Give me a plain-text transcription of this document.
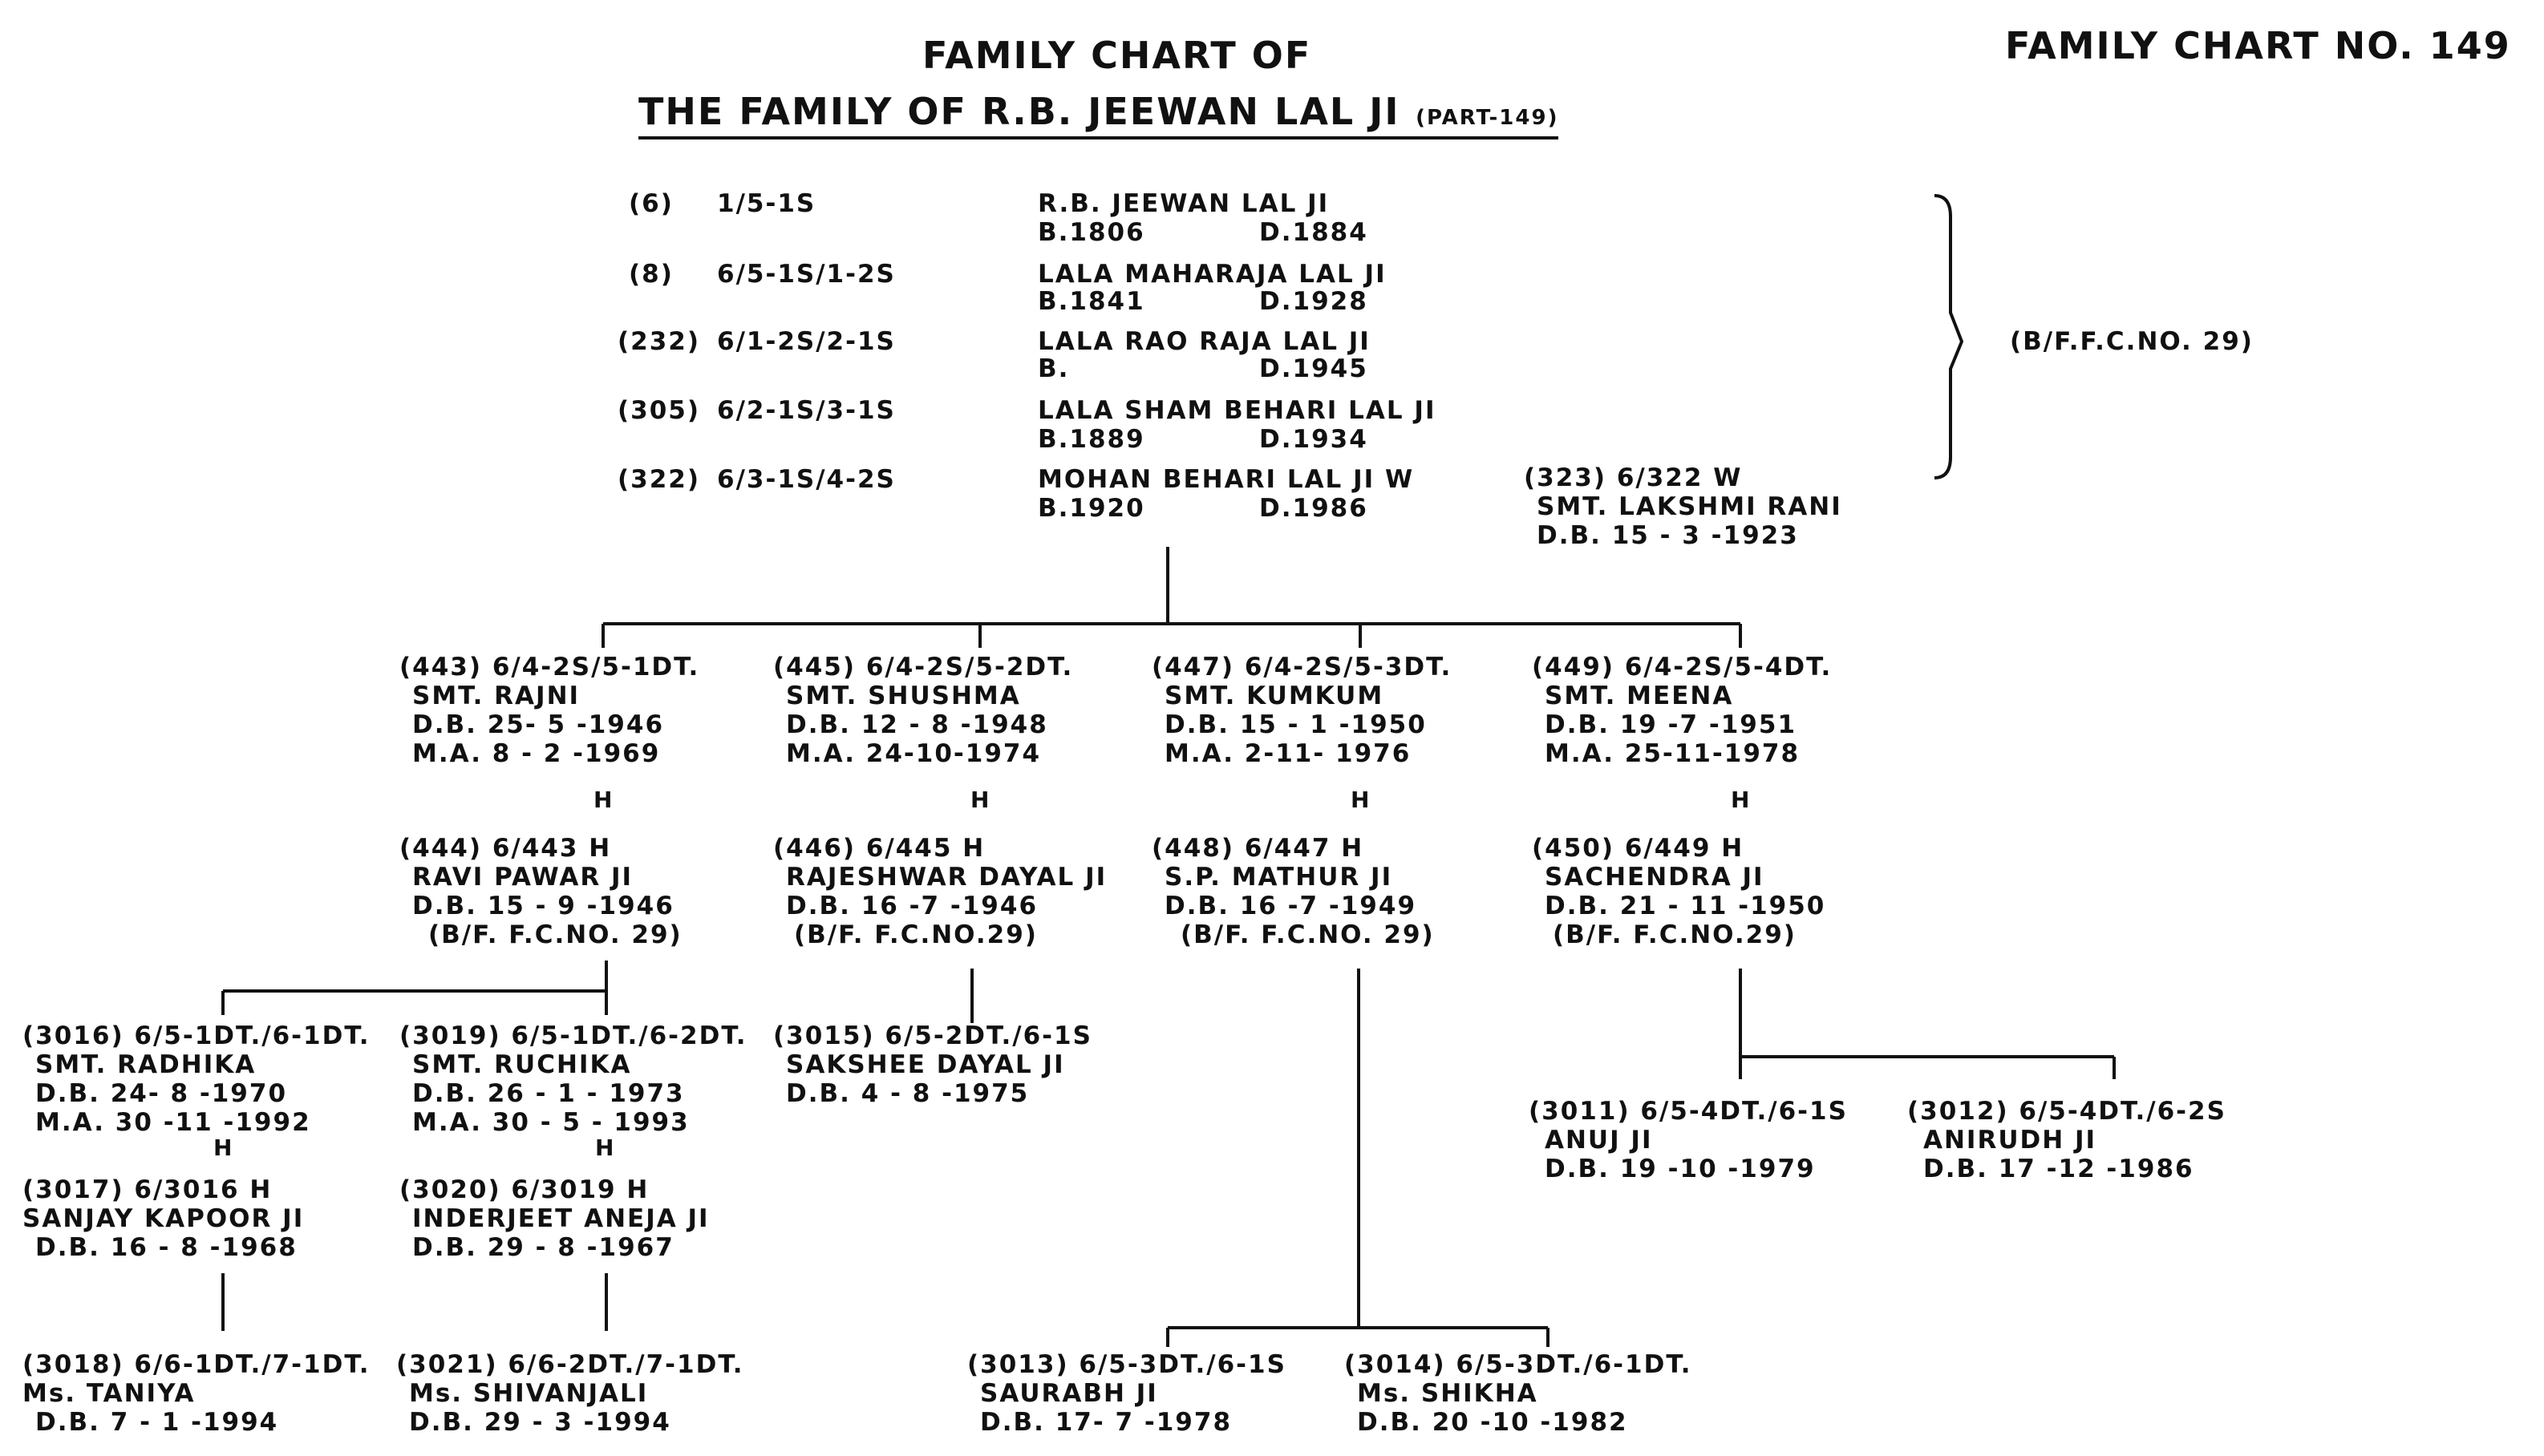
FAMILY CHART OF
THE FAMILY OF R.B. JEEWAN LAL JI (PART-149)
FAMILY CHART NO. 149
(6) 1/5-1S	R.B. JEEWAN LAL JI
B.1806	D.1884
(8) 6/5-1S/1-2S	LALA MAHARAJA LAL JI
B.1841	D.1928
(232) 6/1-2S/2-1S	LALA RAO RAJA LAL JI
B.	D.1945
(305) 6/2-1S/3-1S	LALA SHAM BEHARI LAL JI
B.1889	D.1934
(322) 6/3-1S/4-2S	MOHAN BEHARI LAL JI W
B.1920	D.1986
(B/F.F.C.NO. 29)
(323) 6/322 W
SMT. LAKSHMI RANI
D.B. 15 - 3 -1923
(443) 6/4-2S/5-1DT.
SMT. RAJNI
D.B. 25- 5 -1946
M.A. 8 - 2 -1969
(445) 6/4-2S/5-2DT.
SMT. SHUSHMA
D.B. 12 - 8 -1948
M.A. 24-10-1974
(447) 6/4-2S/5-3DT.
SMT. KUMKUM
D.B. 15 - 1 -1950
M.A. 2-11- 1976
(449) 6/4-2S/5-4DT.
SMT. MEENA
D.B. 19 -7 -1951
M.A. 25-11-1978
H	H	H	H
(444) 6/443 H
RAVI PAWAR JI
D.B. 15 - 9 -1946
(B/F. F.C.NO. 29)
(446) 6/445 H
RAJESHWAR DAYAL JI
D.B. 16 -7 -1946
(B/F. F.C.NO.29)
(448) 6/447 H
S.P. MATHUR JI
D.B. 16 -7 -1949
(B/F. F.C.NO. 29)
(450) 6/449 H
SACHENDRA JI
D.B. 21 - 11 -1950
(B/F. F.C.NO.29)
(3016) 6/5-1DT./6-1DT.
SMT. RADHIKA
D.B. 24- 8 -1970
M.A. 30 -11 -1992
H
(3017) 6/3016 H
SANJAY KAPOOR JI
D.B. 16 - 8 -1968
(3019) 6/5-1DT./6-2DT.
SMT. RUCHIKA
D.B. 26 - 1 - 1973
M.A. 30 - 5 - 1993
H
(3020) 6/3019 H
INDERJEET ANEJA JI
D.B. 29 - 8 -1967
(3015) 6/5-2DT./6-1S
SAKSHEE DAYAL JI
D.B. 4 - 8 -1975
(3011) 6/5-4DT./6-1S
ANUJ JI
D.B. 19 -10 -1979
(3012) 6/5-4DT./6-2S
ANIRUDH JI
D.B. 17 -12 -1986
(3013) 6/5-3DT./6-1S
SAURABH JI
D.B. 17- 7 -1978
(3014) 6/5-3DT./6-1DT.
Ms. SHIKHA
D.B. 20 -10 -1982
(3018) 6/6-1DT./7-1DT.
Ms. TANIYA
D.B. 7 - 1 -1994
(3021) 6/6-2DT./7-1DT.
Ms. SHIVANJALI
D.B. 29 - 3 -1994
